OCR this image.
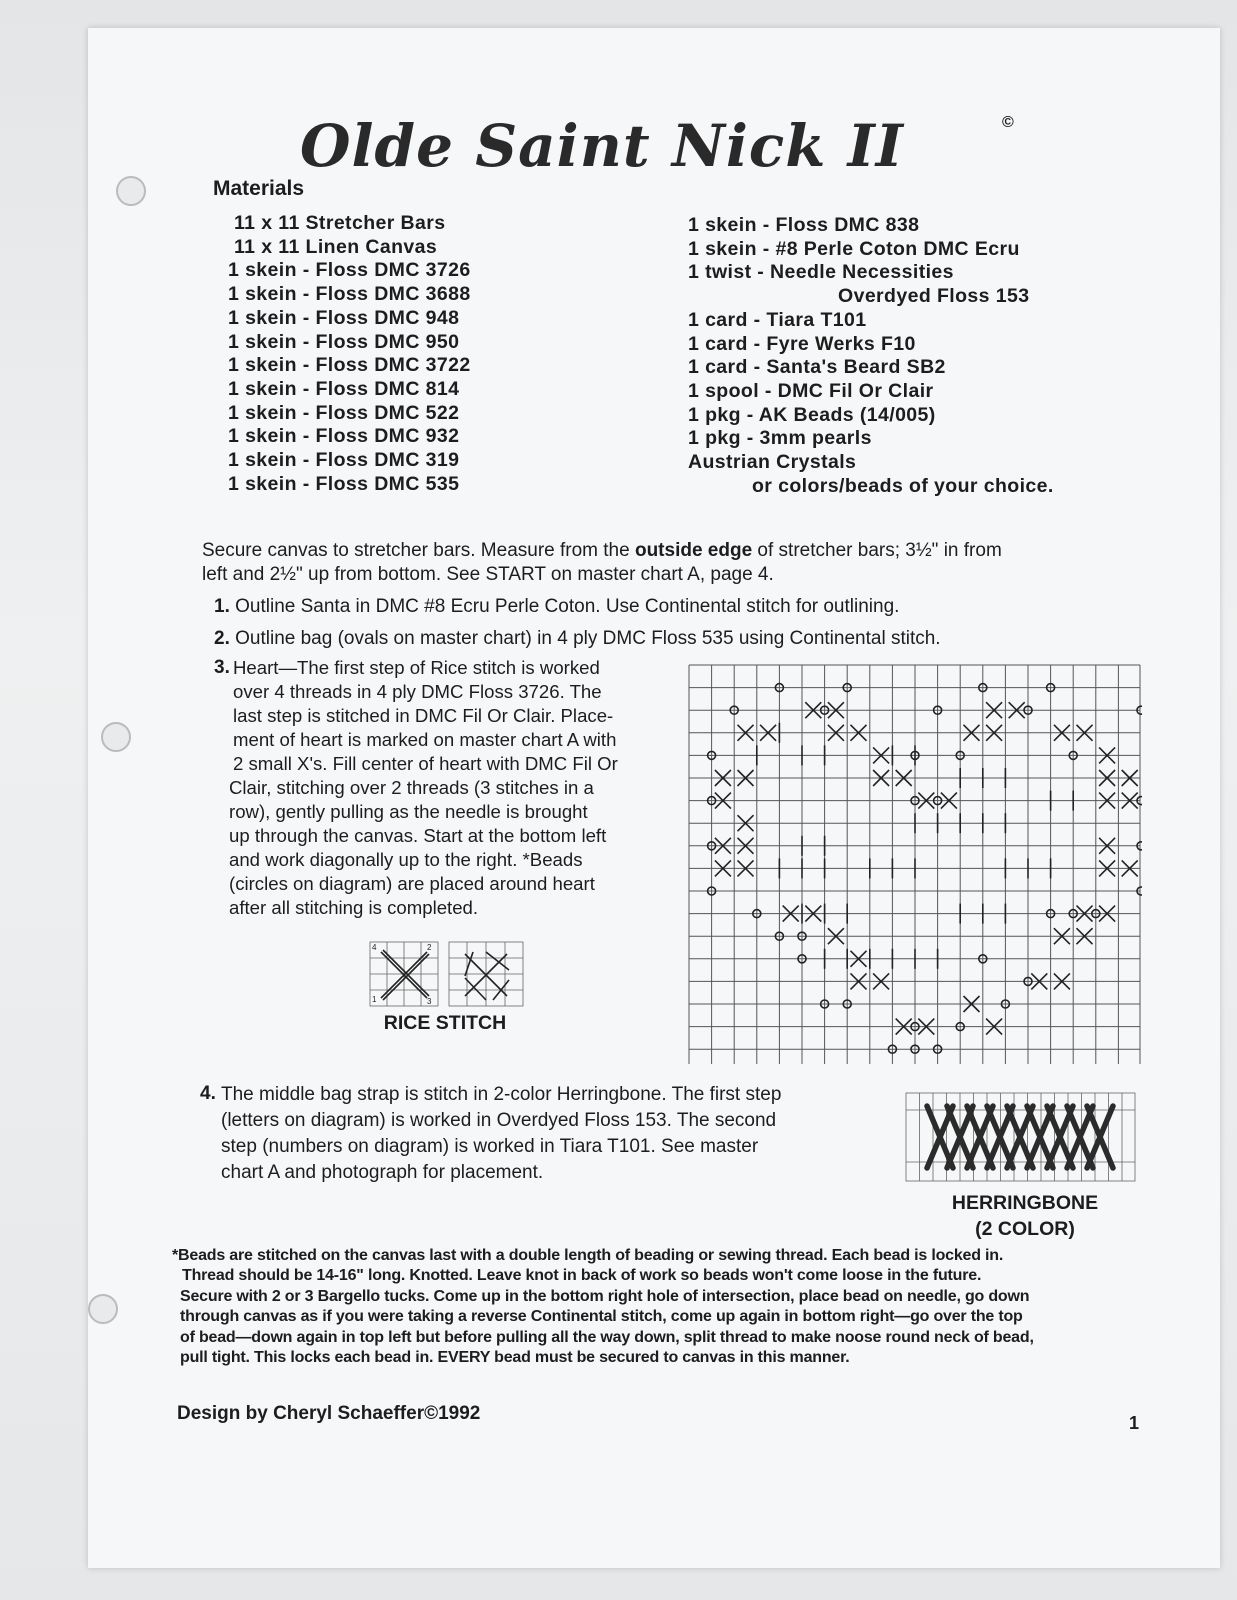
Olde Saint Nick II	©
Materials
11 x 11 Stretcher Bars
11 x 11 Linen Canvas
1 skein - Floss DMC 3726
1 skein - Floss DMC 3688
1 skein - Floss DMC 948
1 skein - Floss DMC 950
1 skein - Floss DMC 3722
1 skein - Floss DMC 814
1 skein - Floss DMC 522
1 skein - Floss DMC 932
1 skein - Floss DMC 319
1 skein - Floss DMC 535
1 skein - Floss DMC 838
1 skein - #8 Perle Coton DMC Ecru
1 twist - Needle Necessities
Overdyed Floss 153
1 card - Tiara T101
1 card - Fyre Werks F10
1 card - Santa's Beard SB2
1 spool - DMC Fil Or Clair
1 pkg - AK Beads (14/005)
1 pkg - 3mm pearls
Austrian Crystals
or colors/beads of your choice.
Secure canvas to stretcher bars. Measure from the outside edge of stretcher bars; 3½" in from
left and 2½" up from bottom. See START on master chart A, page 4.
1. Outline Santa in DMC #8 Ecru Perle Coton. Use Continental stitch for outlining.
2. Outline bag (ovals on master chart) in 4 ply DMC Floss 535 using Continental stitch.
3. Heart—The first step of Rice stitch is worked
over 4 threads in 4 ply DMC Floss 3726. The
last step is stitched in DMC Fil Or Clair. Place-
ment of heart is marked on master chart A with
2 small X's. Fill center of heart with DMC Fil Or
Clair, stitching over 2 threads (3 stitches in a
row), gently pulling as the needle is brought
up through the canvas. Start at the bottom left
and work diagonally up to the right. *Beads
(circles on diagram) are placed around heart
after all stitching is completed.
4	2
1	3
RICE STITCH
4. The middle bag strap is stitch in 2-color Herringbone. The first step
(letters on diagram) is worked in Overdyed Floss 153. The second
step (numbers on diagram) is worked in Tiara T101. See master
chart A and photograph for placement.
HERRINGBONE
(2 COLOR)
*Beads are stitched on the canvas last with a double length of beading or sewing thread. Each bead is locked in.
Thread should be 14-16" long. Knotted. Leave knot in back of work so beads won't come loose in the future.
Secure with 2 or 3 Bargello tucks. Come up in the bottom right hole of intersection, place bead on needle, go down
through canvas as if you were taking a reverse Continental stitch, come up again in bottom right—go over the top
of bead—down again in top left but before pulling all the way down, split thread to make noose round neck of bead,
pull tight. This locks each bead in. EVERY bead must be secured to canvas in this manner.
Design by Cheryl Schaeffer©1992	1
